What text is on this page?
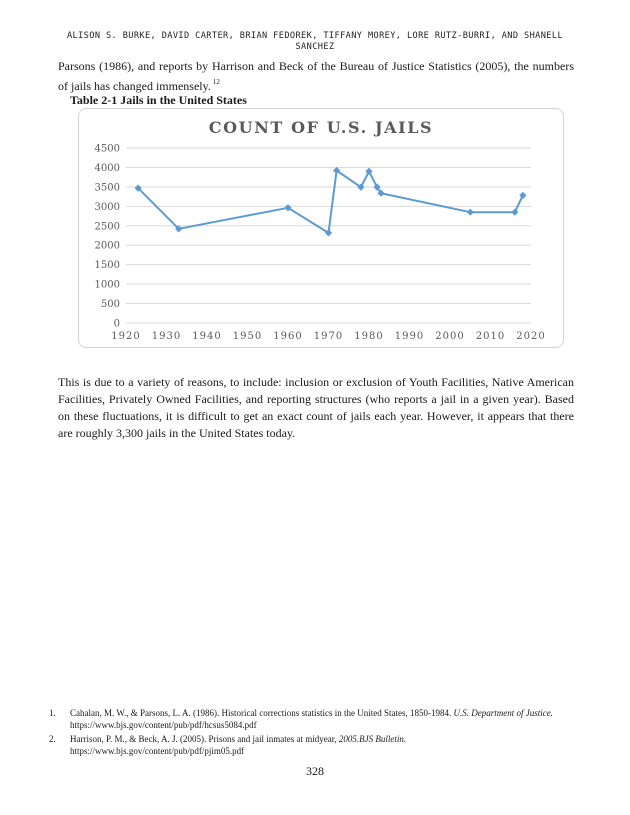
ALISON S. BURKE, DAVID CARTER, BRIAN FEDOREK, TIFFANY MOREY, LORE RUTZ-BURRI, AND SHANELL
SANCHEZ
Parsons (1986), and reports by Harrison and Beck of the Bureau of Justice Statistics (2005), the numbers of jails has changed immensely. $^{12}$
Table 2-1 Jails in the United States
COUNT OF U.S. JAILS
0
500
1000
1500
2000
2500
3000
3500
4000
4500
1920 1930 1940 1950 1960 1970 1980 1990 2000 2010 2020
This is due to a variety of reasons, to include: inclusion or exclusion of Youth Facilities, Native American Facilities, Privately Owned Facilities, and reporting structures (who reports a jail in a given year). Based on these fluctuations, it is difficult to get an exact count of jails each year. However, it appears that there are roughly 3,300 jails in the United States today.
1. Cahalan, M. W., & Parsons, L. A. (1986). Historical corrections statistics in the United States, 1850-1984. U.S. Department of Justice. https://www.bjs.gov/content/pub/pdf/hcsus5084.pdf
2. Harrison, P. M., & Beck, A. J. (2005). Prisons and jail inmates at midyear, 2005.BJS Bulletin. https://www.bjs.gov/content/pub/pdf/pjim05.pdf
328
